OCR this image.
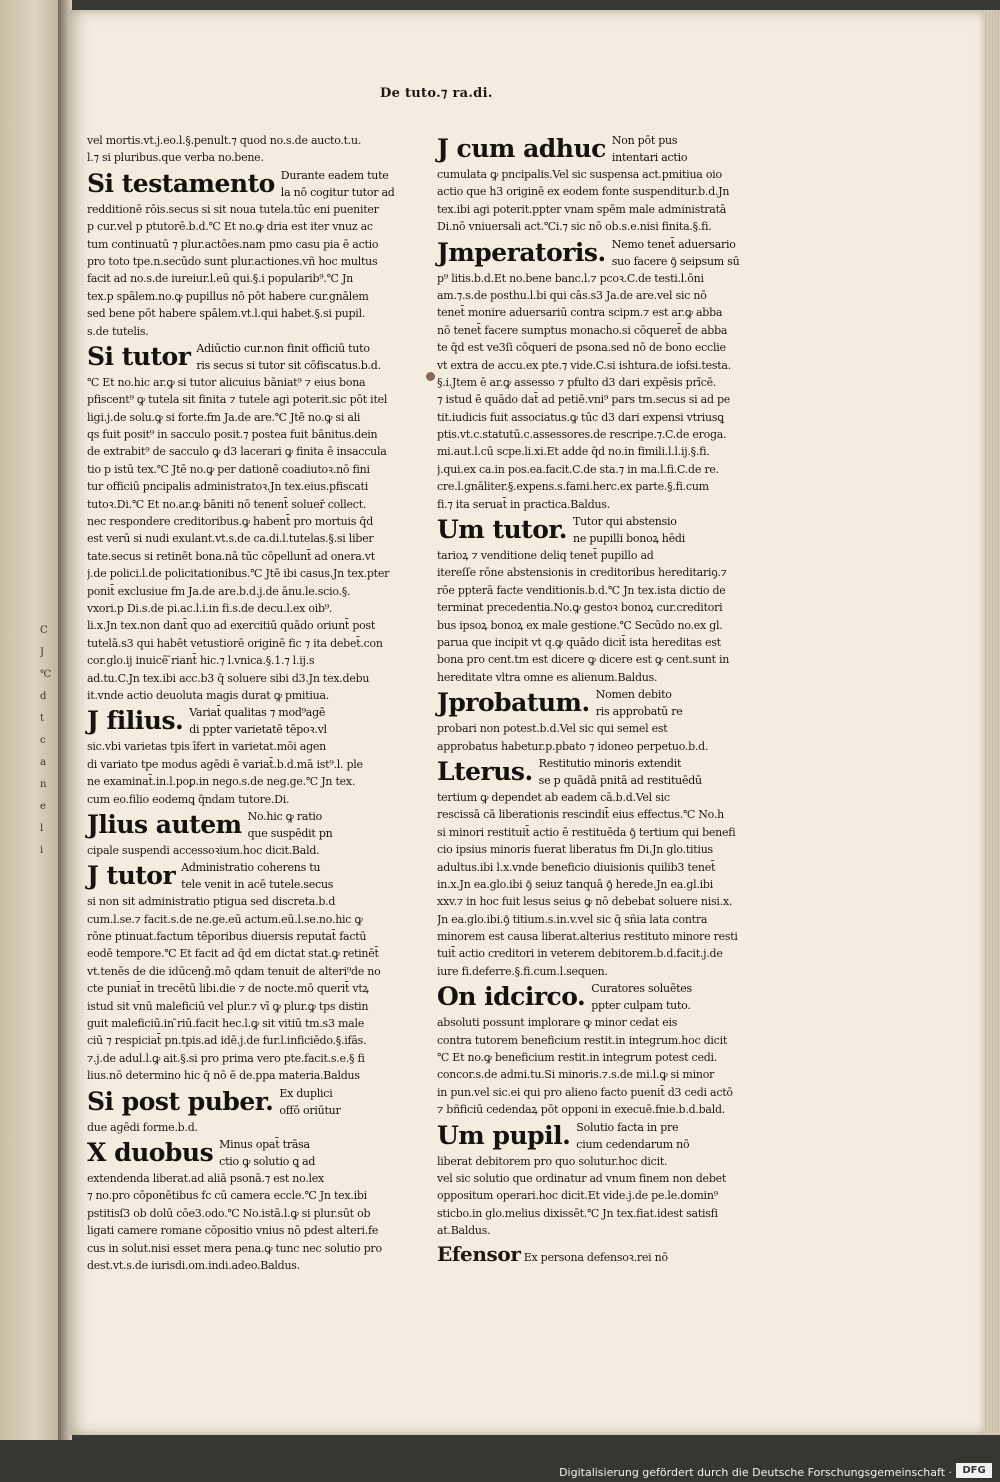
C
J
℃
d
t
c
a
n
e
l
i
De tuto.⁊ ra.di.
vel mortis.vt.j.eo.l.§.penult.⁊ quod no.s.de aucto.t.u.
l.⁊ si pluribus.que verba no.bene.
Si testamento Durante eadem tute
la nō cogitur tutor ad
redditionē rōis.secus si sit noua tutela.tūc eni pueniter
p cur.vel p ptutorē.b.d.℃ Et no.ꝙ dria est iter vnuz ac
tum continuatū ⁊ plur.actōes.nam pmo casu pia ē actio
pro toto tpe.n.secūdo sunt plur.actiones.vñ hoc multus
facit ad no.s.de iureiur.l.eū qui.§.i popularib⁹.℃ Jn
tex.p spālem.no.ꝙ pupillus nō pōt habere cur.gnālem
sed bene pōt habere spālem.vt.l.qui habet.§.si pupil.
s.de tutelis.
Si tutor Adiūctio cur.non finit officiū tuto
ris secus si tutor sit cōfiscatus.b.d.
℃ Et no.hic ar.ꝙ si tutor alicuius bāniat⁹ ⁊ eius bona
pfiscent⁹ ꝙ tutela sit finita ⁊ tutele agi poterit.sic pōt itel
ligi.j.de solu.ꝙ si forte.fm Ja.de are.℃ Jtē no.ꝙ si ali
qs fuit posit⁹ in sacculo posit.⁊ postea fuit bānitus.dein
de extrabit⁹ de sacculo ꝙ d3 lacerari ꝙ finita ē insaccula
tio p istū tex.℃ Jtē no.ꝙ per dationē coadiutoꝛ.nō fini
tur officiū pncipalis administratoꝛ.Jn tex.eius.pfiscati
tutoꝛ.Di.℃ Et no.ar.ꝙ bāniti nō tenent̄ soluer̄ collect.
nec respondere creditoribus.ꝙ habent̄ pro mortuis q̄d
est verū si nudi exulant.vt.s.de ca.di.l.tutelas.§.si liber
tate.secus si retinēt bona.nā tūc cōpellunt̄ ad onera.vt
j.de polici.l.de policitationibus.℃ Jtē ibi casus.Jn tex.pter
ponit̄ exclusiue fm Ja.de are.b.d.j.de ānu.le.scio.§.
vxori.p Di.s.de pi.ac.l.i.in fi.s.de decu.l.ex oib⁹.
li.x.Jn tex.non dant̄ quo ad exercitiū quādo oriunt̄ post
tutelā.s3 qui habēt vetustiorē originē fic ⁊ ita debet̄.con
cor.glo.ij inuicē ̄riant̄ hic.⁊ l.vnica.§.1.⁊ l.ij.s
ad.tu.C.Jn tex.ibi acc.b3 q̄ soluere sibi d3.Jn tex.debu
it.vnde actio deuoluta magis durat ꝙ pmitiua.
J filius. Variat̄ qualitas ⁊ mod⁹agē
di ppter varietatē tēpoꝛ.vl
sic.vbi varietas tpis īfert in varietat.mōi agen
di variato tpe modus agēdi ē variat̄.b.d.mā ist⁹.l. ple
ne examinat̄.in.l.poꝑ.in nego.s.de neg.ge.℃ Jn tex.
cum eo.filio eodemꝗ q̄ndam tutore.Di.
Jlius autem No.hic ꝙ ratio
que suspēdit pn
cipale suspendi accessoꝛium.hoc dicit.Bald.
J tutor Administratio coherens tu
tele venit in acē tutele.secus
si non sit administratio ptigua sed discreta.b.d
cum.l.se.⁊ facit.s.de ne.ge.eū actum.eū.l.se.no.hic ꝙ
rōne ptinuat.factum tēporibus diuersis reputat̄ factū
eodē tempore.℃ Et facit ad q̄d em dictat stat.ꝙ retinēt̄
vt.tenēs de die idūcenḡ.mō qdam tenuit de alteri⁹de no
cte puniat̄ in trecētū libi.die ⁊ de nocte.mō querit̄ vtꝝ
istud sit vnū maleficiū vel plur.⁊ vī ꝙ plur.ꝙ tps distin
guit maleficiū.in ̄riū.facit hec.l.ꝙ sit vitiū tm.s3 male
ciū ⁊ respiciat̄ pn.tpis.ad idē.j.de fur.l.inficiēdo.§.ifās.
⁊.j.de adul.l.ꝙ ait.§.si pro prima vero pte.facit.s.e.§ fi
lius.nō determino hic q̄ nō ē de.ppa materia.Baldus
Si post puber. Ex duplici
offō oriūtur
due agēdi forme.b.d.
X duobus Minus opat̄ trāsa
ctio ꝙ solutio ꝗ ad
extendenda liberat.ad aliā psonā.⁊ est no.lex
⁊ no.pro cōponētibus fc cū camera eccle.℃ Jn tex.ibi
pstitisſ3 ob dolū cōe3.odo.℃ No.istā.l.ꝙ si plur.sūt ob
ligati camere romane cōpositio vnius nō pdest alteri.fe
cus in solut.nisi esset mera pena.ꝙ tunc nec solutio pro
dest.vt.s.de iurisdi.om.indi.adeo.Baldus.
J cum adhuc Non pōt pus
intentari actio
cumulata ꝙ pncipalis.Vel sic suspensa act.pmitiua oio
actio que h3 originē ex eodem fonte suspenditur.b.d.Jn
tex.ibi agi poterit.ppter vnam spēm male administratā
Di.nō vniuersali act.℃i.⁊ sic nō ob.s.e.nisi finita.§.fi.
Jmperatoris. Nemo tenet̄ aduersario
suo facere ꝯ̄ seipsum sū
p⁹ litis.b.d.Et no.bene banc.l.⁊ pcoꝛ.C.de testi.l.ōni
am.⁊.s.de posthu.l.bi qui cās.s3 Ja.de are.vel sic nō
tenet̄ monire aduersariū contra scipm.⁊ est ar.ꝙ abba
nō tenet̄ facere sumptus monacho.si cōqueret̄ de abba
te q̄d est ve3ſi cōqueri de psona.sed nō de bono ecclie
vt extra de accu.ex pte.⁊ vide.C.si ishtura.de iofsi.testa.
§.i.Jtem ē ar.ꝙ assesso ⁊ pfulto d3 dari expēsis prīcē.
⁊ istud ē quādo dat̄ ad petiē.vni⁹ pars tm.secus si ad pe
tit.iudicis fuit associatus.ꝙ tūc d3 dari expensi vtriusꝗ
ptis.vt.c.statutū.c.assessores.de rescripe.⁊.C.de eroga.
mi.aut.l.cū scpe.li.xi.Et adde q̄d no.in fimili.l.l.ij.§.fi.
j.qui.ex ca.in pos.ea.facit.C.de sta.⁊ in ma.l.fi.C.de re.
cre.l.gnāliter.§.expens.s.fami.herc.ex parte.§.fi.cum
fi.⁊ ita seruat̄ in practica.Baldus.
Um tutor. Tutor qui abstensio
ne pupilli bonoꝝ hēdi
tarioꝝ ⁊ venditione deliq tenet̄ pupillo ad
itereſſe rōne abstensionis in creditoribus hereditariꝯ.⁊
rōe ppterā facte venditionis.b.d.℃ Jn tex.ista dictio de
terminat precedentia.No.ꝙ gestoꝛ bonoꝝ cur.creditori
bus ipsoꝝ bonoꝝ ex male gestione.℃ Secūdo no.ex gl.
parua que incipit vt q.ꝙ quādo dicit̄ ista hereditas est
bona pro cent.tm est dicere ꝙ dicere est ꝙ cent.sunt in
hereditate vltra omne es alienum.Baldus.
Jprobatum. Nomen debito
ris approbatū re
probari non potest.b.d.Vel sic qui semel est
approbatus habetur.p.pbato ⁊ idoneo perpetuo.b.d.
Lterus. Restitutio minoris extendit
se p quādā pnitā ad restituēdū
tertium ꝙ dependet ab eadem cā.b.d.Vel sic
rescissā cā liberationis rescindit̄ eius effectus.℃ No.h
si minori restituit̄ actio ē restituēda ꝯ̄ tertium qui benefi
cio ipsius minoris fuerat liberatus fm Di.Jn glo.titius
adultus.ibi l.x.vnde beneficio diuisionis quilib3 tenet̄
in.x.Jn ea.glo.ibi ꝯ̄ seiuz tanquā ꝯ̄ herede.Jn ea.gl.ibi
xxv.⁊ in hoc fuit lesus seius ꝙ nō debebat soluere nisi.x.
Jn ea.glo.ibi.ꝯ̄ titium.s.in.v.vel sic q̄ sñia lata contra
minorem est causa liberat.alterius restituto minore resti
tuit̄ actio creditori in veterem debitorem.b.d.facit.j.de
iure fi.deferre.§.fi.cum.l.sequen.
On idcirco. Curatores soluētes
ppter culpam tuto.
absoluti possunt implorare ꝙ minor cedat eis
contra tutorem beneficium restit.in integrum.hoc dicit
℃ Et no.ꝙ beneficium restit.in integrum potest cedi.
concor.s.de admi.tu.Si minoris.⁊.s.de mi.l.ꝙ si minor
in pun.vel sic.ei qui pro alieno facto puenit̄ d3 cedi actō
⁊ bñficiū cedendaꝝ pōt opponi in execuē.fnie.b.d.bald.
Um pupil. Solutio facta in pre
cium cedendarum nō
liberat debitorem pro quo solutur.hoc dicit.
vel sic solutio que ordinatur ad vnum finem non debet
oppositum operari.hoc dicit.Et vide.j.de pe.le.domin⁹
sticbo.in glo.melius dixissēt.℃ Jn tex.fiat.idest satisfi
at.Baldus.
Efensor Ex persona defensoꝛ.rei nō
Digitalisierung gefördert durch die Deutsche Forschungsgemeinschaft ·	DFG
